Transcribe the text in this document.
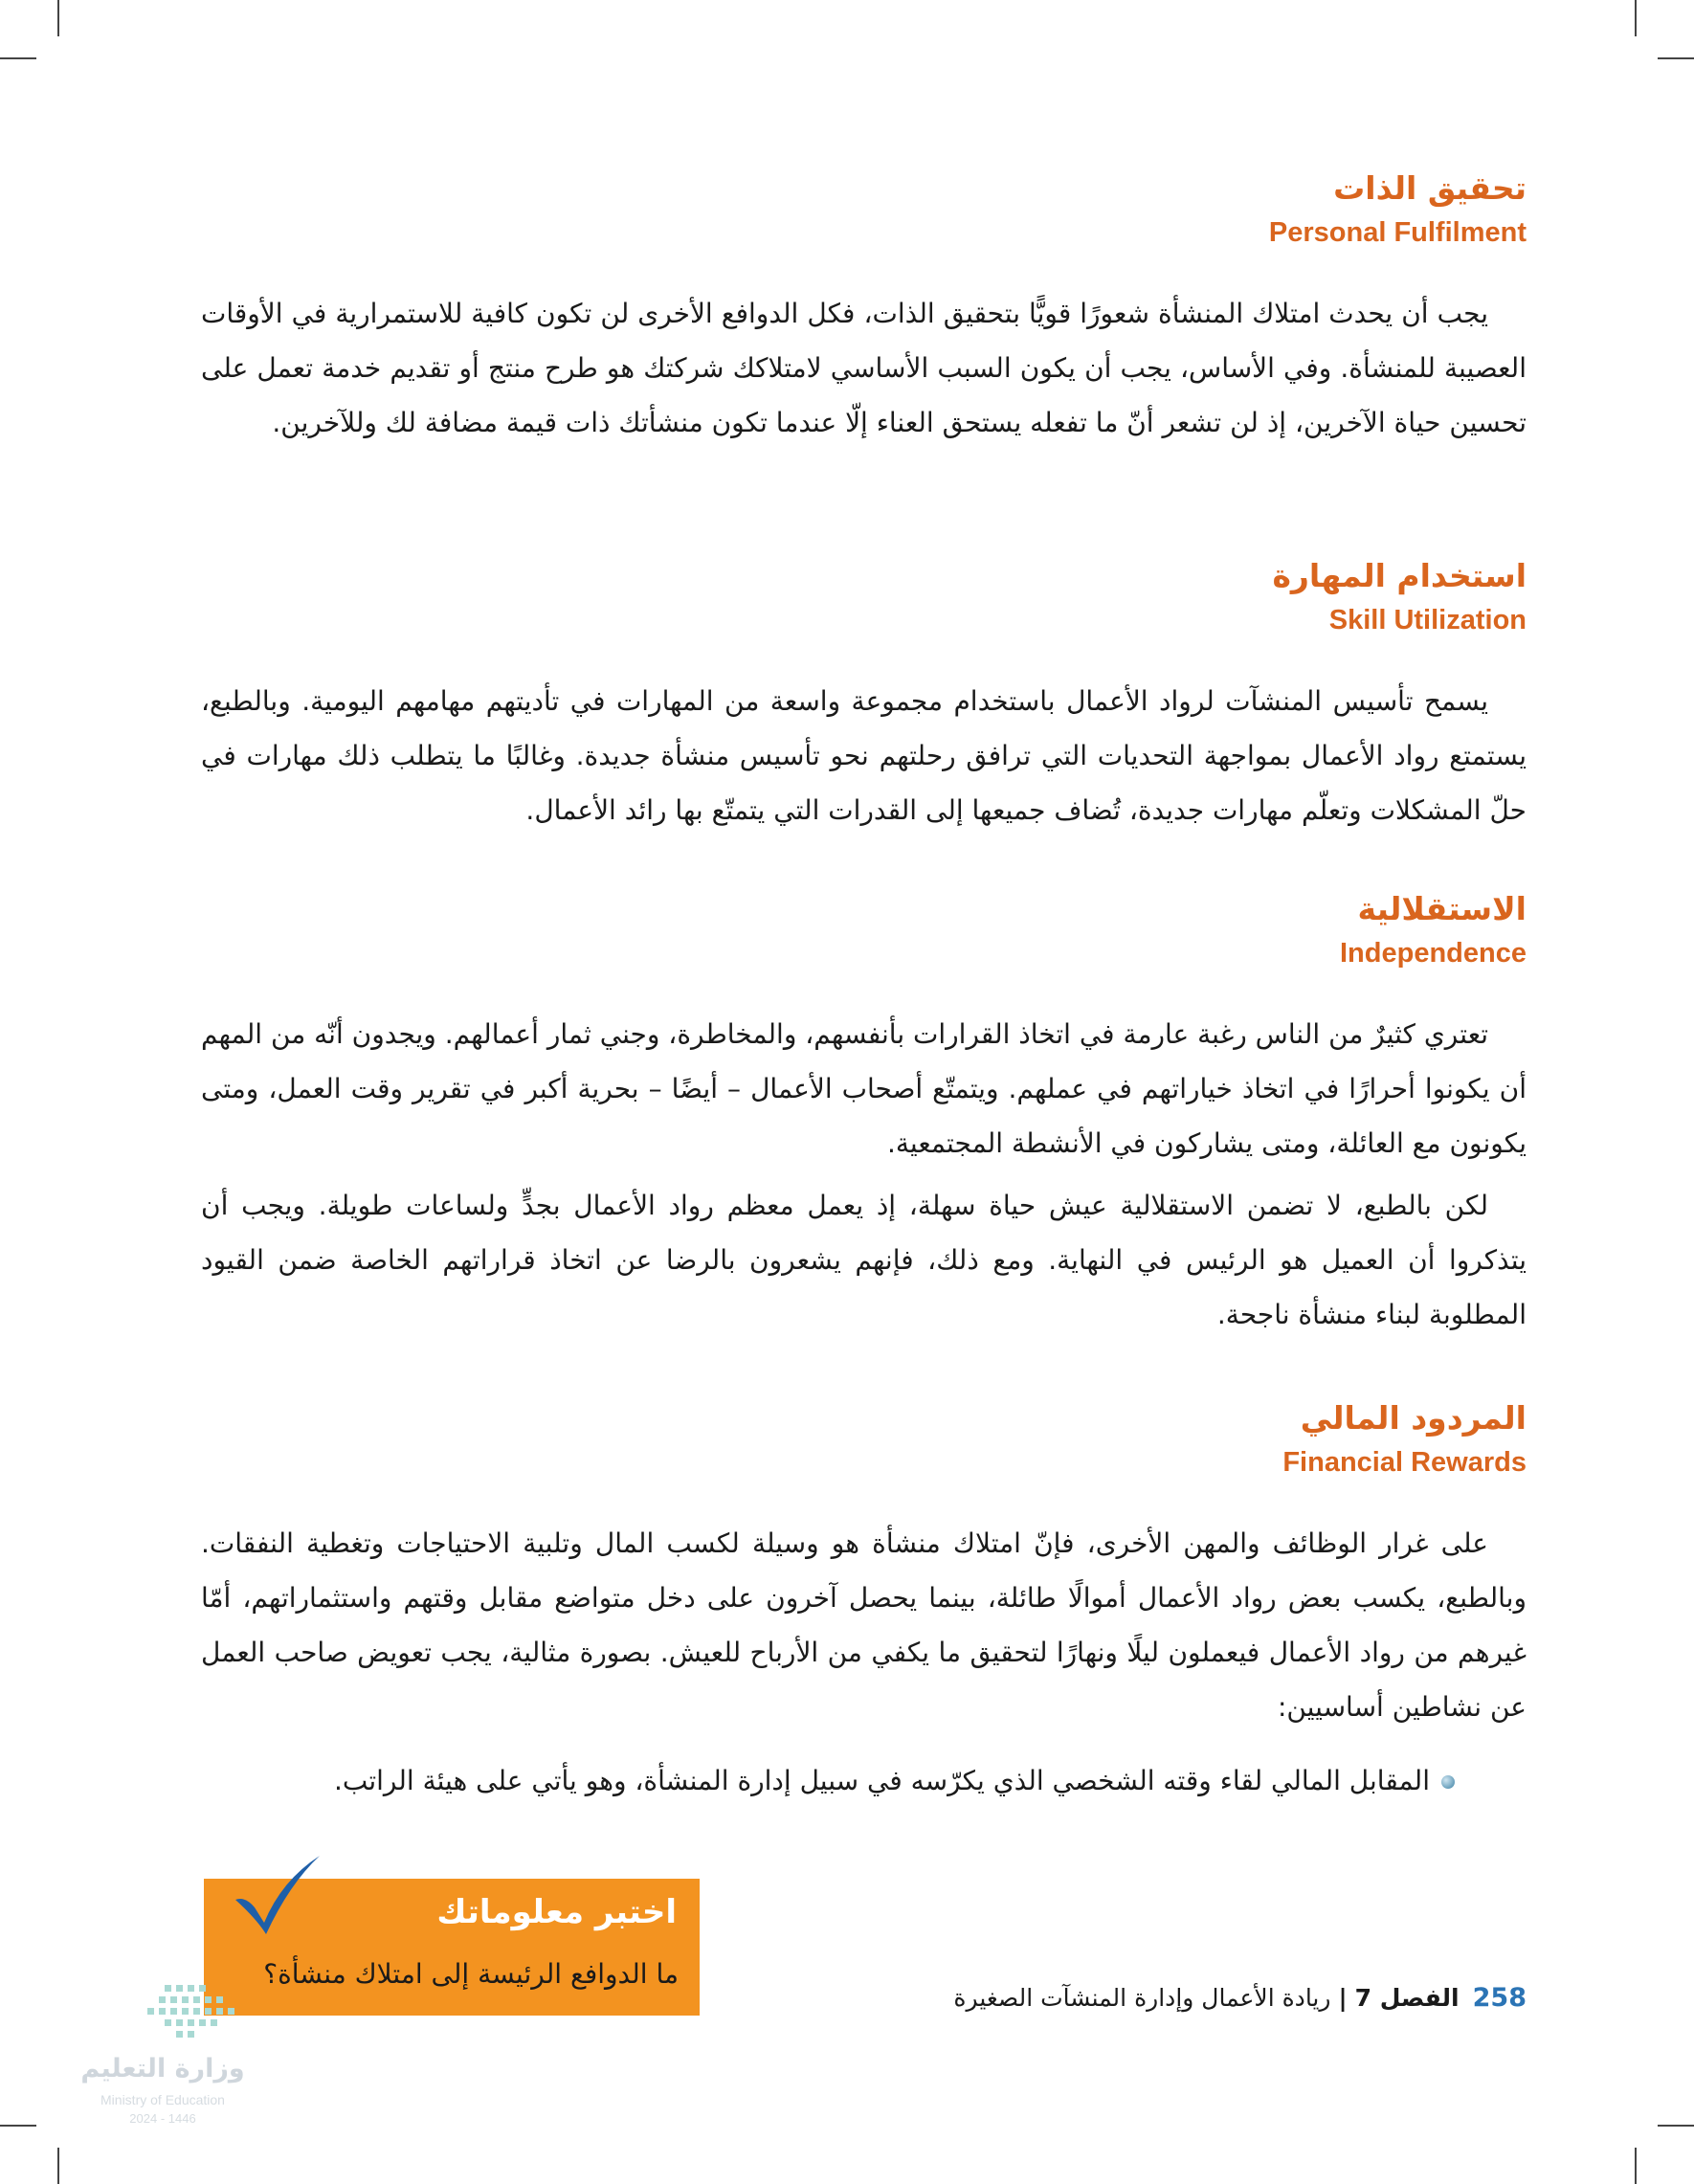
تحقيق الذات
Personal Fulfilment

يجب أن يحدث امتلاك المنشأة شعورًا قويًّا بتحقيق الذات، فكل الدوافع الأخرى لن تكون كافية للاستمرارية في الأوقات العصيبة للمنشأة. وفي الأساس، يجب أن يكون السبب الأساسي لامتلاكك شركتك هو طرح منتج أو تقديم خدمة تعمل على تحسين حياة الآخرين، إذ لن تشعر أنّ ما تفعله يستحق العناء إلّا عندما تكون منشأتك ذات قيمة مضافة لك وللآخرين.

استخدام المهارة
Skill Utilization

يسمح تأسيس المنشآت لرواد الأعمال باستخدام مجموعة واسعة من المهارات في تأديتهم مهامهم اليومية. وبالطبع، يستمتع رواد الأعمال بمواجهة التحديات التي ترافق رحلتهم نحو تأسيس منشأة جديدة. وغالبًا ما يتطلب ذلك مهارات في حلّ المشكلات وتعلّم مهارات جديدة، تُضاف جميعها إلى القدرات التي يتمتّع بها رائد الأعمال.

الاستقلالية
Independence

تعتري كثيرٌ من الناس رغبة عارمة في اتخاذ القرارات بأنفسهم، والمخاطرة، وجني ثمار أعمالهم. ويجدون أنّه من المهم أن يكونوا أحرارًا في اتخاذ خياراتهم في عملهم. ويتمتّع أصحاب الأعمال – أيضًا – بحرية أكبر في تقرير وقت العمل، ومتى يكونون مع العائلة، ومتى يشاركون في الأنشطة المجتمعية.

لكن بالطبع، لا تضمن الاستقلالية عيش حياة سهلة، إذ يعمل معظم رواد الأعمال بجدٍّ ولساعات طويلة. ويجب أن يتذكروا أن العميل هو الرئيس في النهاية. ومع ذلك، فإنهم يشعرون بالرضا عن اتخاذ قراراتهم الخاصة ضمن القيود المطلوبة لبناء منشأة ناجحة.

المردود المالي
Financial Rewards

على غرار الوظائف والمهن الأخرى، فإنّ امتلاك منشأة هو وسيلة لكسب المال وتلبية الاحتياجات وتغطية النفقات. وبالطبع، يكسب بعض رواد الأعمال أموالًا طائلة، بينما يحصل آخرون على دخل متواضع مقابل وقتهم واستثماراتهم، أمّا غيرهم من رواد الأعمال فيعملون ليلًا ونهارًا لتحقيق ما يكفي من الأرباح للعيش. بصورة مثالية، يجب تعويض صاحب العمل عن نشاطين أساسيين:

المقابل المالي لقاء وقته الشخصي الذي يكرّسه في سبيل إدارة المنشأة، وهو يأتي على هيئة الراتب.
اختبر معلوماتك
ما الدوافع الرئيسة إلى امتلاك منشأة؟
258الفصل 7|ريادة الأعمال وإدارة المنشآت الصغيرة
وزارة التعليم
Ministry of Education
2024 - 1446
